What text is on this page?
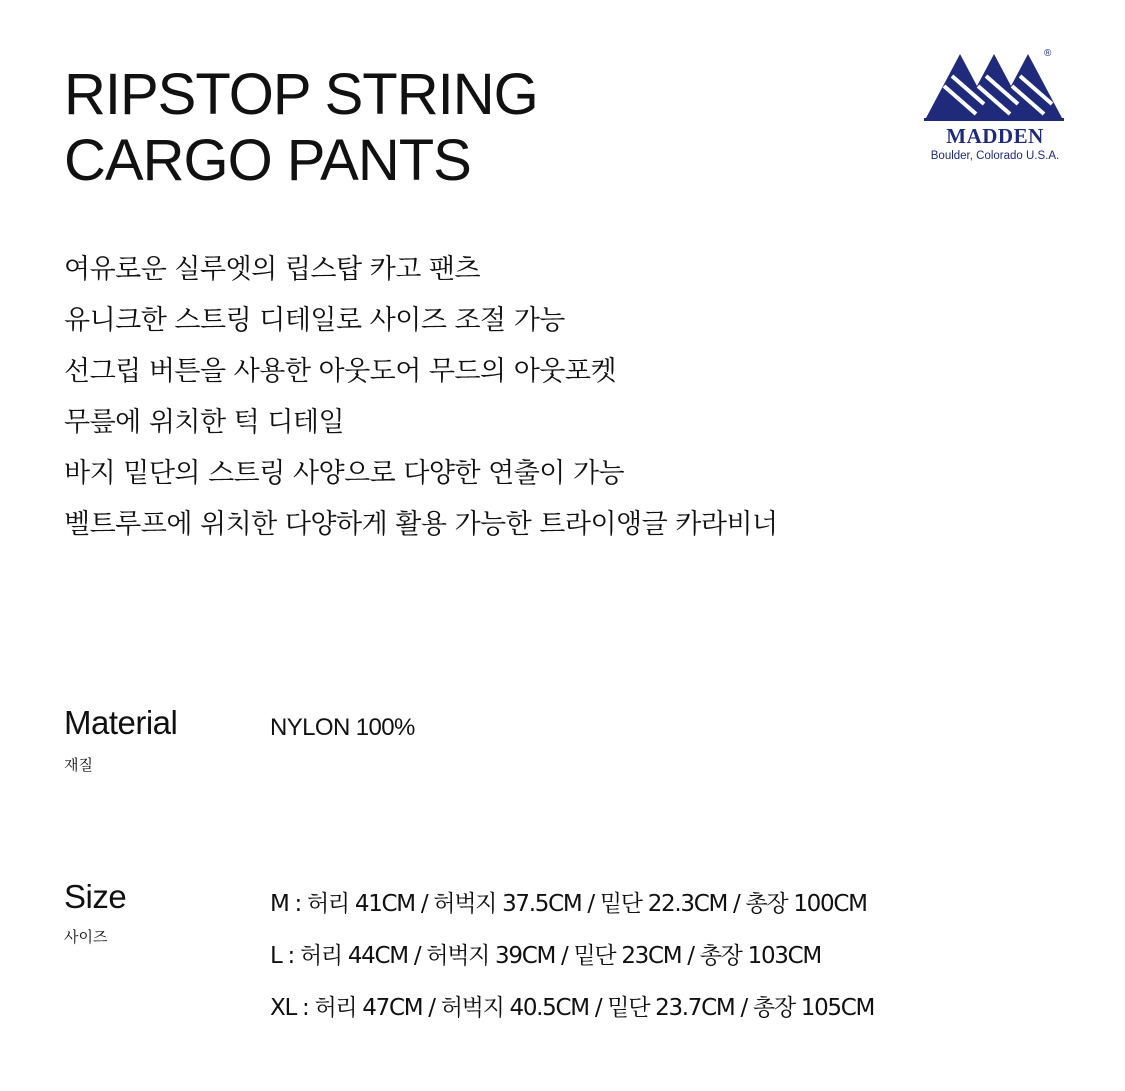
RIPSTOP STRING
CARGO PANTS
®
MADDEN
Boulder, Colorado U.S.A.
여유로운 실루엣의 립스탑 카고 팬츠
유니크한 스트링 디테일로 사이즈 조절 가능
선그립 버튼을 사용한 아웃도어 무드의 아웃포켓
무릎에 위치한 턱 디테일
바지 밑단의 스트링 사양으로 다양한 연출이 가능
벨트루프에 위치한 다양하게 활용 가능한 트라이앵글 카라비너
Material
재질
NYLON 100%
Size
사이즈
M : 허리 41CM / 허벅지 37.5CM / 밑단 22.3CM / 총장 100CM
L : 허리 44CM / 허벅지 39CM / 밑단 23CM / 총장 103CM
XL : 허리 47CM / 허벅지 40.5CM / 밑단 23.7CM / 총장 105CM
